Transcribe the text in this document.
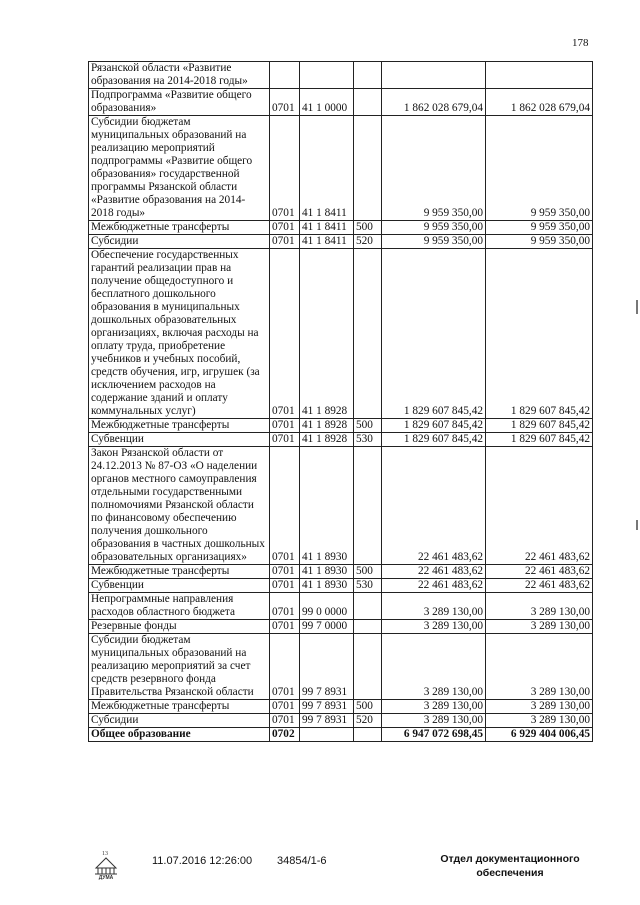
178
Рязанской области «Развитие образования на 2014-2018 годы»					
Подпрограмма «Развитие общего образования»	0701	41 1 0000		1 862 028 679,04	1 862 028 679,04
Субсидии бюджетам муниципальных образований на реализацию мероприятий подпрограммы «Развитие общего образования» государственной программы Рязанской области «Развитие образования на 2014-2018 годы»	0701	41 1 8411		9 959 350,00	9 959 350,00
Межбюджетные трансферты	0701	41 1 8411	500	9 959 350,00	9 959 350,00
Субсидии	0701	41 1 8411	520	9 959 350,00	9 959 350,00
Обеспечение государственных гарантий реализации прав на получение общедоступного и бесплатного дошкольного образования в муниципальных дошкольных образовательных организациях, включая расходы на оплату труда, приобретение учебников и учебных пособий, средств обучения, игр, игрушек (за исключением расходов на содержание зданий и оплату коммунальных услуг)	0701	41 1 8928		1 829 607 845,42	1 829 607 845,42
Межбюджетные трансферты	0701	41 1 8928	500	1 829 607 845,42	1 829 607 845,42
Субвенции	0701	41 1 8928	530	1 829 607 845,42	1 829 607 845,42
Закон Рязанской области от 24.12.2013 № 87-ОЗ «О наделении органов местного самоуправления отдельными государственными полномочиями Рязанской области по финансовому обеспечению получения дошкольного образования в частных дошкольных образовательных организациях»	0701	41 1 8930		22 461 483,62	22 461 483,62
Межбюджетные трансферты	0701	41 1 8930	500	22 461 483,62	22 461 483,62
Субвенции	0701	41 1 8930	530	22 461 483,62	22 461 483,62
Непрограммные направления расходов областного бюджета	0701	99 0 0000		3 289 130,00	3 289 130,00
Резервные фонды	0701	99 7 0000		3 289 130,00	3 289 130,00
Субсидии бюджетам муниципальных образований на реализацию мероприятий за счет средств резервного фонда Правительства Рязанской области	0701	99 7 8931		3 289 130,00	3 289 130,00
Межбюджетные трансферты	0701	99 7 8931	500	3 289 130,00	3 289 130,00
Субсидии	0701	99 7 8931	520	3 289 130,00	3 289 130,00
Общее образование	0702			6 947 072 698,45	6 929 404 006,45
13
ДУМА
11.07.2016 12:26:00 34854/1-6	Отдел документационного
обеспечения
